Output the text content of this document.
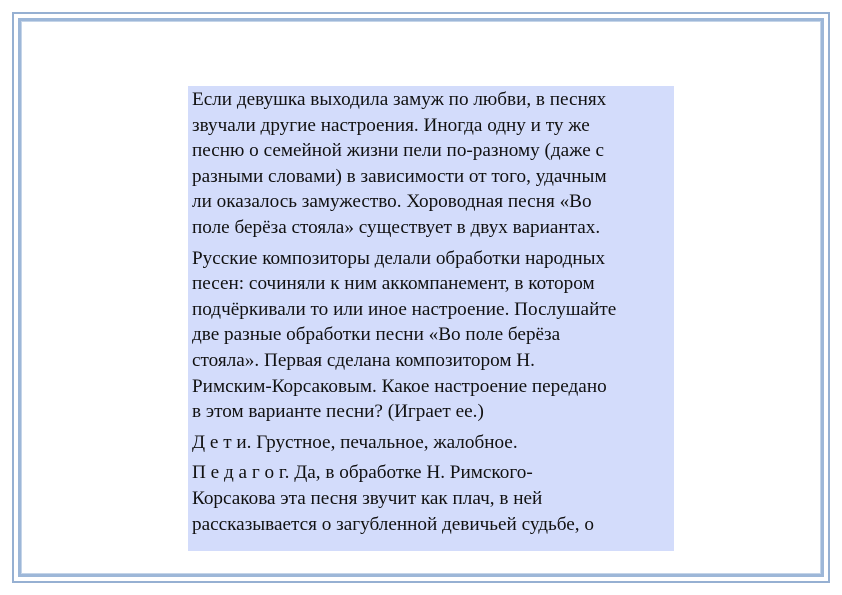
Если девушка выходила замуж по любви, в песнях
звучали другие настроения. Иногда одну и ту же
песню о семейной жизни пели по-разному (даже с
разными словами) в зависимости от того, удачным
ли оказалось замужество. Хороводная песня «Во
поле берёза стояла» существует в двух вариантах.

Русские композиторы делали обработки народных
песен: сочиняли к ним аккомпанемент, в котором
подчёркивали то или иное настроение. Послушайте
две разные обработки песни «Во поле берёза
стояла». Первая сделана композитором Н.
Римским-Корсаковым. Какое настроение передано
в этом варианте песни? (Играет ее.)

Д е т и. Грустное, печальное, жалобное.

П е д а г о г. Да, в обработке Н. Римского-
Корсакова эта песня звучит как плач, в ней
рассказывается о загубленной девичьей судьбе, о
